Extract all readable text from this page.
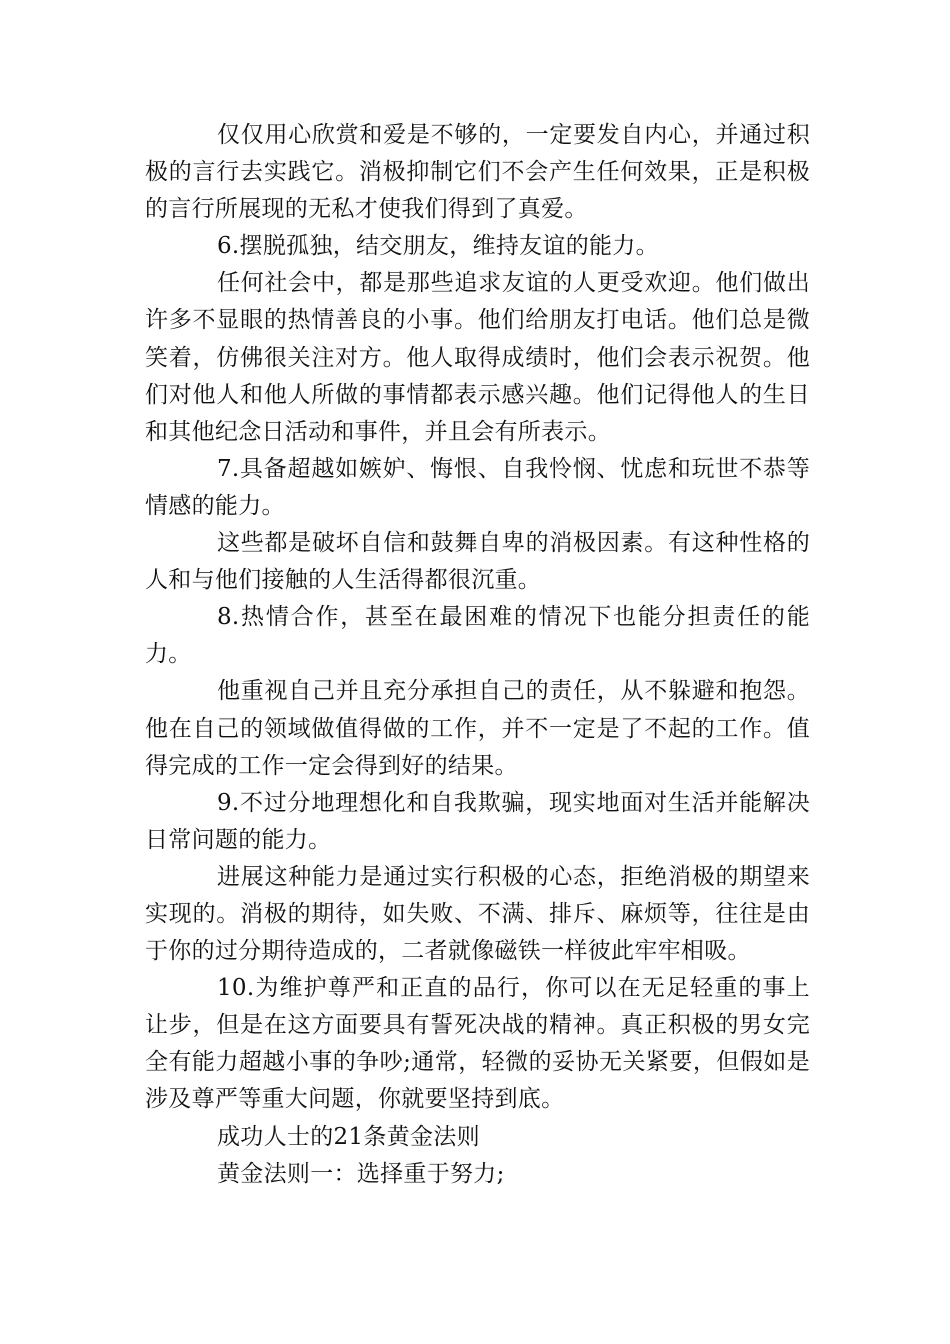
仅仅用心欣赏和爱是不够的，一定要发自内心，并通过积极的言行去实践它。消极抑制它们不会产生任何效果，正是积极的言行所展现的无私才使我们得到了真爱。

6.摆脱孤独，结交朋友，维持友谊的能力。

任何社会中，都是那些追求友谊的人更受欢迎。他们做出许多不显眼的热情善良的小事。他们给朋友打电话。他们总是微笑着，仿佛很关注对方。他人取得成绩时，他们会表示祝贺。他们对他人和他人所做的事情都表示感兴趣。他们记得他人的生日和其他纪念日活动和事件，并且会有所表示。

7.具备超越如嫉妒、悔恨、自我怜悯、忧虑和玩世不恭等情感的能力。

这些都是破坏自信和鼓舞自卑的消极因素。有这种性格的人和与他们接触的人生活得都很沉重。

8.热情合作，甚至在最困难的情况下也能分担责任的能力。

他重视自己并且充分承担自己的责任，从不躲避和抱怨。他在自己的领域做值得做的工作，并不一定是了不起的工作。值得完成的工作一定会得到好的结果。

9.不过分地理想化和自我欺骗，现实地面对生活并能解决日常问题的能力。

进展这种能力是通过实行积极的心态，拒绝消极的期望来实现的。消极的期待，如失败、不满、排斥、麻烦等，往往是由于你的过分期待造成的，二者就像磁铁一样彼此牢牢相吸。

10.为维护尊严和正直的品行，你可以在无足轻重的事上让步，但是在这方面要具有誓死决战的精神。真正积极的男女完全有能力超越小事的争吵;通常，轻微的妥协无关紧要，但假如是涉及尊严等重大问题，你就要坚持到底。

成功人士的21条黄金法则

黄金法则一：选择重于努力;
